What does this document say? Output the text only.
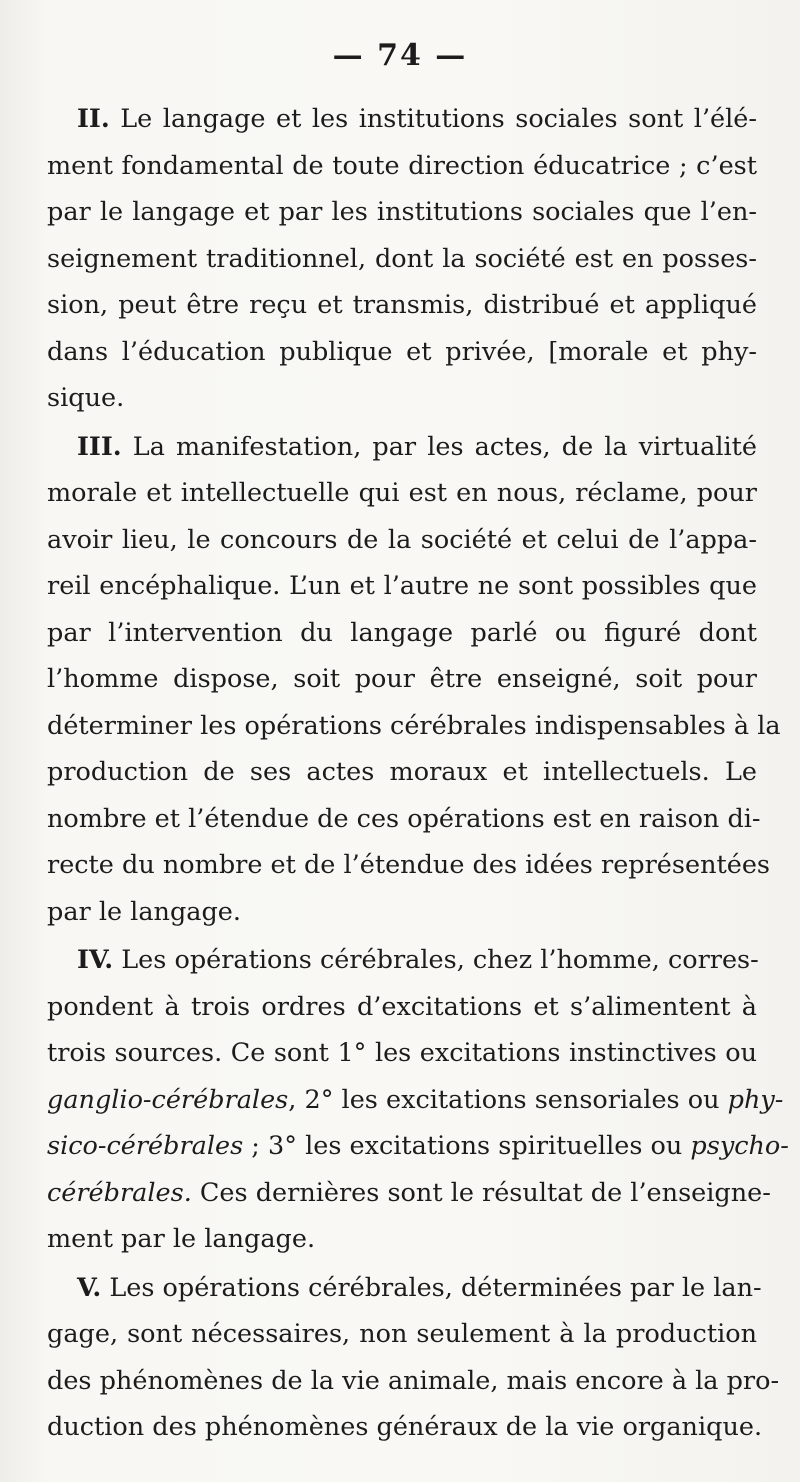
— 74 —
II. Le langage et les institutions sociales sont l’élé-
ment fondamental de toute direction éducatrice ; c’est
par le langage et par les institutions sociales que l’en-
seignement traditionnel, dont la société est en posses-
sion, peut être reçu et transmis, distribué et appliqué
dans l’éducation publique et privée, [morale et phy-
sique.
III. La manifestation, par les actes, de la virtualité
morale et intellectuelle qui est en nous, réclame, pour
avoir lieu, le concours de la société et celui de l’appa-
reil encéphalique. L’un et l’autre ne sont possibles que
par l’intervention du langage parlé ou figuré dont
l’homme dispose, soit pour être enseigné, soit pour
déterminer les opérations cérébrales indispensables à la
production de ses actes moraux et intellectuels. Le
nombre et l’étendue de ces opérations est en raison di-
recte du nombre et de l’étendue des idées représentées
par le langage.
IV. Les opérations cérébrales, chez l’homme, corres-
pondent à trois ordres d’excitations et s’alimentent à
trois sources. Ce sont 1° les excitations instinctives ou
ganglio-cérébrales, 2° les excitations sensoriales ou phy-
sico-cérébrales ; 3° les excitations spirituelles ou psycho-
cérébrales. Ces dernières sont le résultat de l’enseigne-
ment par le langage.
V. Les opérations cérébrales, déterminées par le lan-
gage, sont nécessaires, non seulement à la production
des phénomènes de la vie animale, mais encore à la pro-
duction des phénomènes généraux de la vie organique.
